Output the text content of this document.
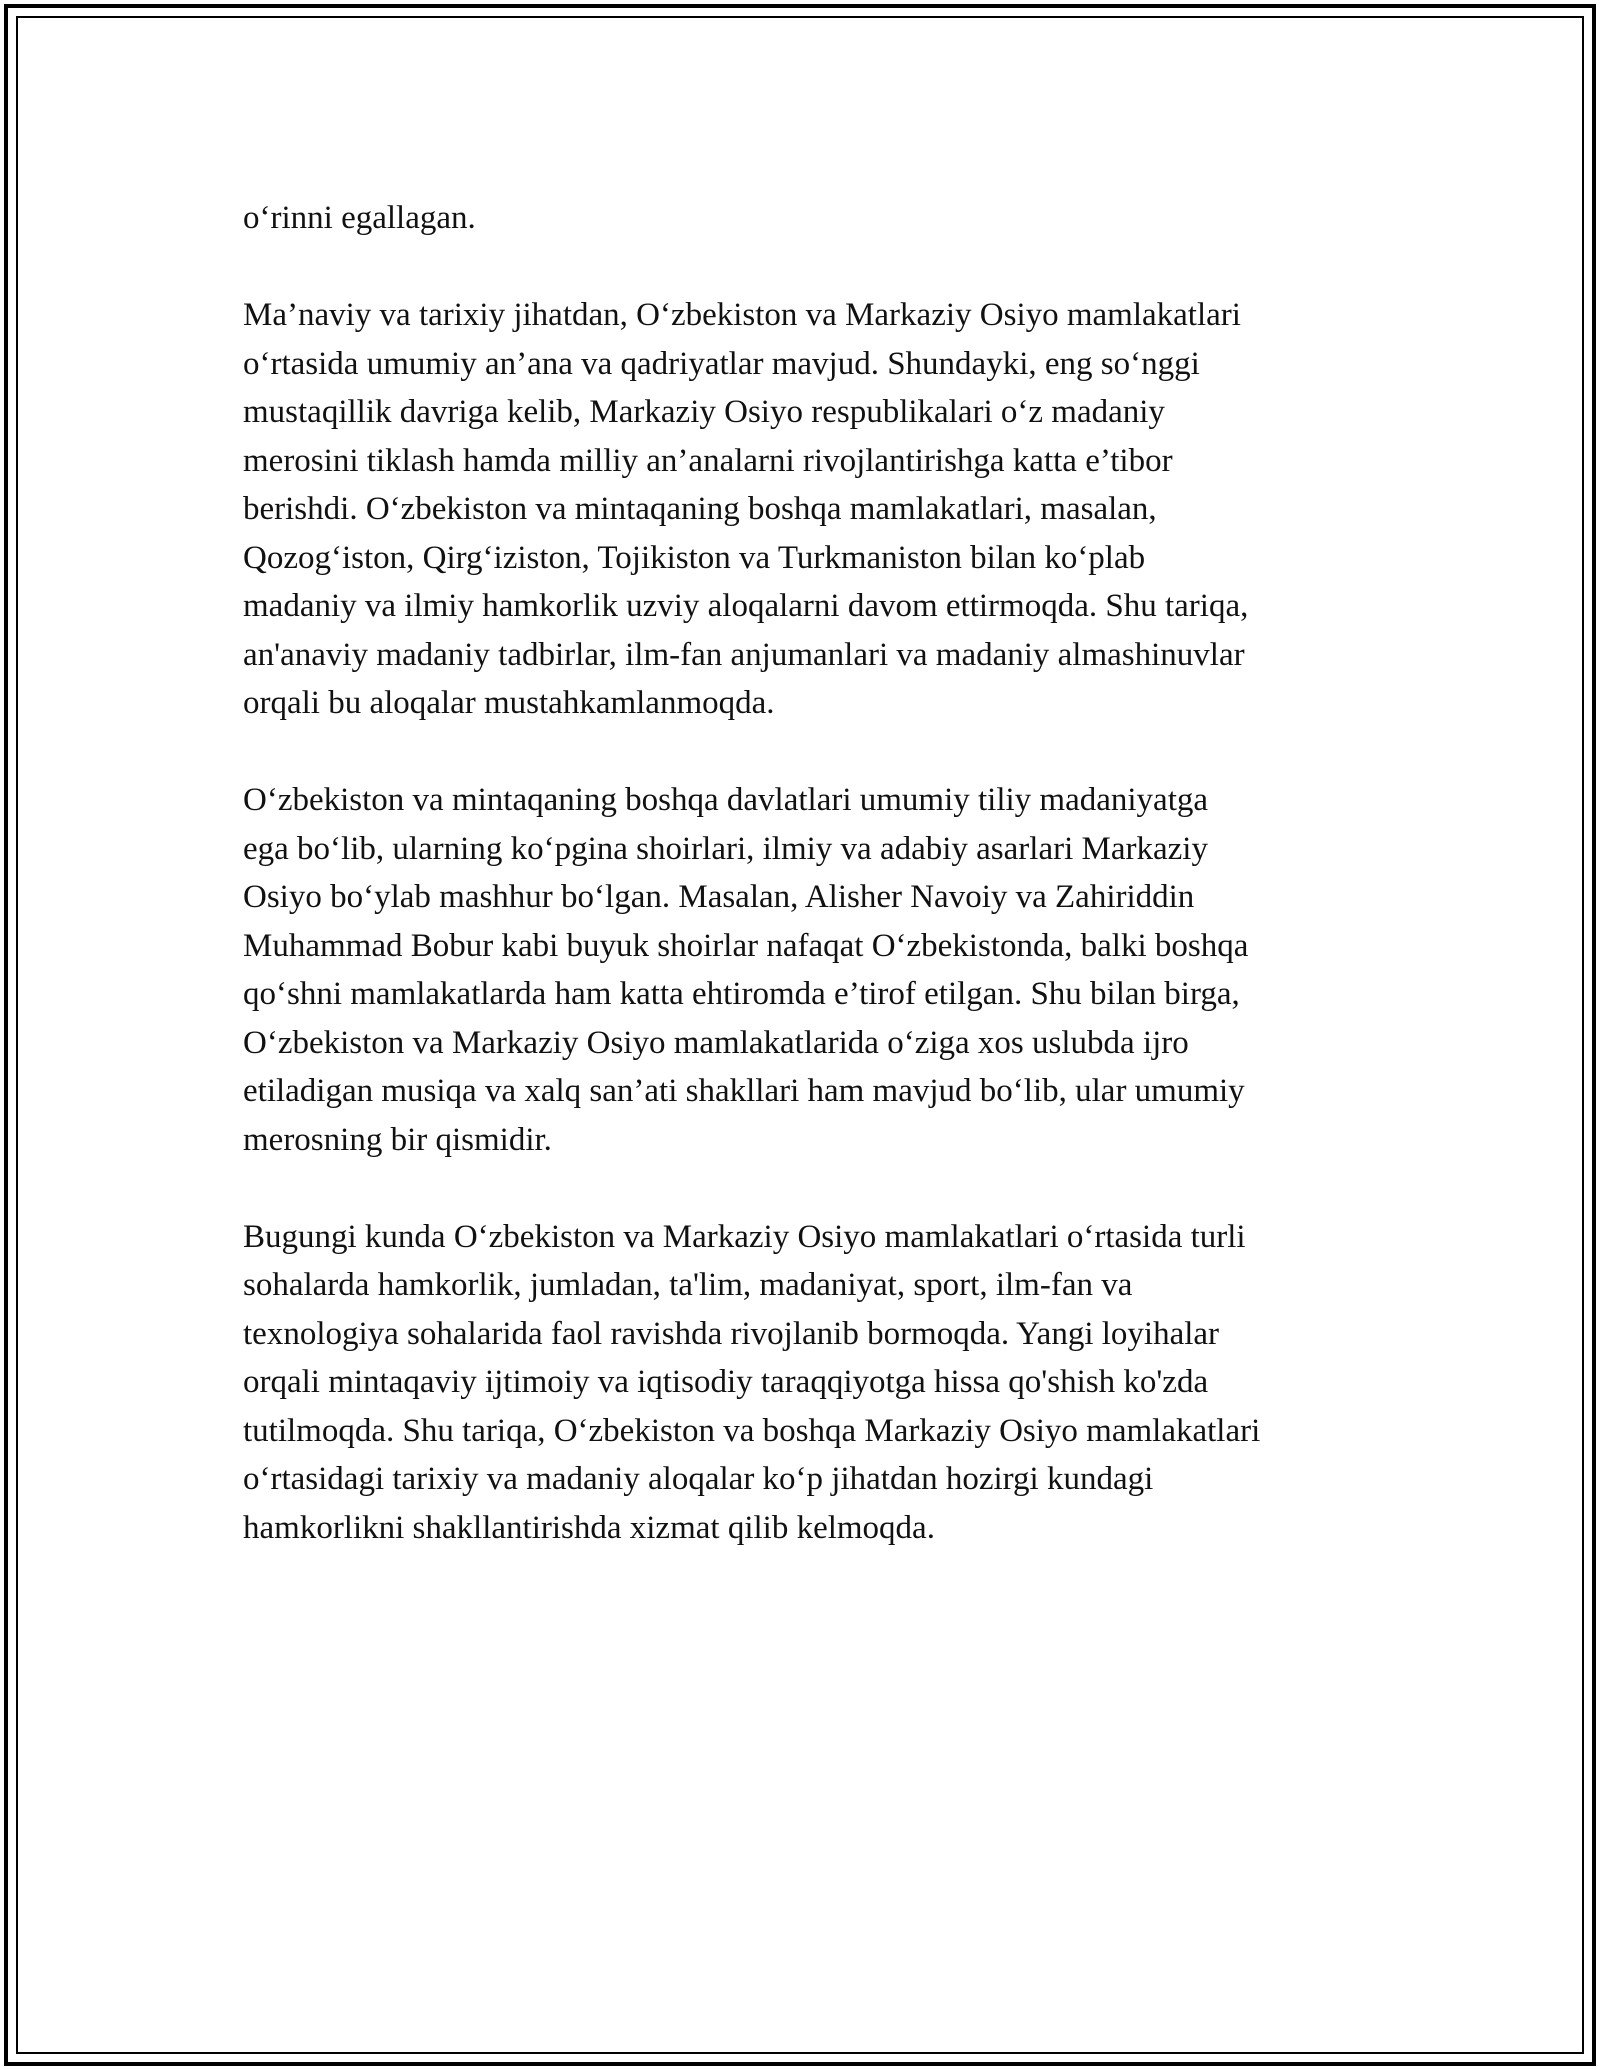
o‘rinni egallagan.

Ma’naviy va tarixiy jihatdan, O‘zbekiston va Markaziy Osiyo mamlakatlari
o‘rtasida umumiy an’ana va qadriyatlar mavjud. Shundayki, eng so‘nggi
mustaqillik davriga kelib, Markaziy Osiyo respublikalari o‘z madaniy
merosini tiklash hamda milliy an’analarni rivojlantirishga katta e’tibor
berishdi. O‘zbekiston va mintaqaning boshqa mamlakatlari, masalan,
Qozog‘iston, Qirg‘iziston, Tojikiston va Turkmaniston bilan ko‘plab
madaniy va ilmiy hamkorlik uzviy aloqalarni davom ettirmoqda. Shu tariqa,
an'anaviy madaniy tadbirlar, ilm-fan anjumanlari va madaniy almashinuvlar
orqali bu aloqalar mustahkamlanmoqda.

O‘zbekiston va mintaqaning boshqa davlatlari umumiy tiliy madaniyatga
ega bo‘lib, ularning ko‘pgina shoirlari, ilmiy va adabiy asarlari Markaziy
Osiyo bo‘ylab mashhur bo‘lgan. Masalan, Alisher Navoiy va Zahiriddin
Muhammad Bobur kabi buyuk shoirlar nafaqat O‘zbekistonda, balki boshqa
qo‘shni mamlakatlarda ham katta ehtiromda e’tirof etilgan. Shu bilan birga,
O‘zbekiston va Markaziy Osiyo mamlakatlarida o‘ziga xos uslubda ijro
etiladigan musiqa va xalq san’ati shakllari ham mavjud bo‘lib, ular umumiy
merosning bir qismidir.

Bugungi kunda O‘zbekiston va Markaziy Osiyo mamlakatlari o‘rtasida turli
sohalarda hamkorlik, jumladan, ta'lim, madaniyat, sport, ilm-fan va
texnologiya sohalarida faol ravishda rivojlanib bormoqda. Yangi loyihalar
orqali mintaqaviy ijtimoiy va iqtisodiy taraqqiyotga hissa qo'shish ko'zda
tutilmoqda. Shu tariqa, O‘zbekiston va boshqa Markaziy Osiyo mamlakatlari
o‘rtasidagi tarixiy va madaniy aloqalar ko‘p jihatdan hozirgi kundagi
hamkorlikni shakllantirishda xizmat qilib kelmoqda.
